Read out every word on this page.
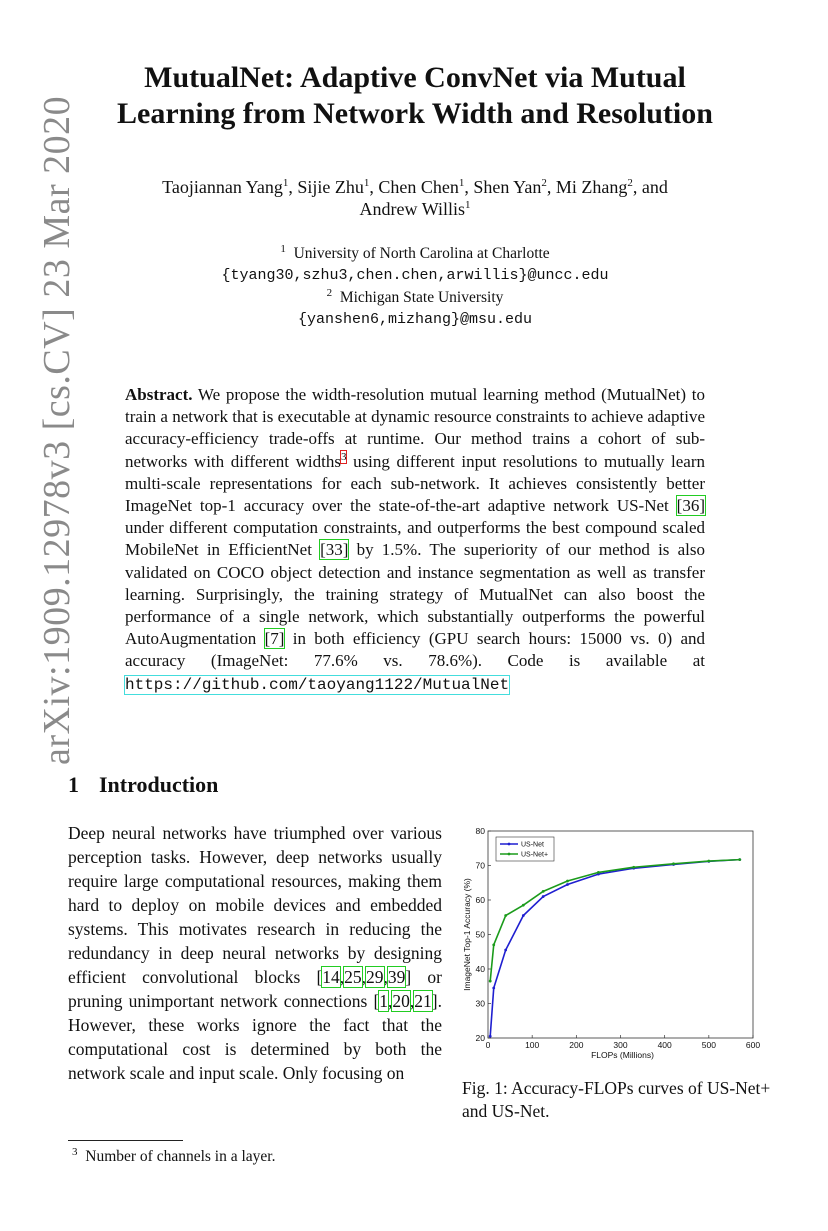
arXiv:1909.12978v3 [cs.CV] 23 Mar 2020
MutualNet: Adaptive ConvNet via Mutual
Learning from Network Width and Resolution
Taojiannan Yang$^1$, Sijie Zhu$^1$, Chen Chen$^1$, Shen Yan$^2$, Mi Zhang$^2$, and
Andrew Willis$^1$
$^1$ University of North Carolina at Charlotte
{tyang30,szhu3,chen.chen,arwillis}@uncc.edu
$^2$ Michigan State University
{yanshen6,mizhang}@msu.edu
Abstract. We propose the width-resolution mutual learning method (MutualNet) to train a network that is executable at dynamic resource constraints to achieve adaptive accuracy-efficiency trade-offs at runtime. Our method trains a cohort of sub-networks with different widths$^3$ using different input resolutions to mutually learn multi-scale representations for each sub-network. It achieves consistently better ImageNet top-1 accuracy over the state-of-the-art adaptive network US-Net [36] under different computation constraints, and outperforms the best compound scaled MobileNet in EfficientNet [33] by 1.5%. The superiority of our method is also validated on COCO object detection and instance segmentation as well as transfer learning. Surprisingly, the training strategy of MutualNet can also boost the performance of a single network, which substantially outperforms the powerful AutoAugmentation [7] in both efficiency (GPU search hours: 15000 vs. 0) and accuracy (ImageNet: 77.6% vs. 78.6%). Code is available at https://github.com/taoyang1122/MutualNet
1 Introduction
Deep neural networks have triumphed over various perception tasks. However, deep networks usually require large computational resources, making them hard to deploy on mobile devices and embedded systems. This motivates research in reducing the redundancy in deep neural networks by designing efficient convolutional blocks [14,25,29,39] or pruning unimportant network connections [1,20,21]. However, these works ignore the fact that the computational cost is determined by both the network scale and input scale. Only focusing on
0	100	200	300	400	500	600
20
30
40
50
60
70
80
FLOPs (Millions)
ImageNet Top-1 Accuracy (%)
US-Net
US-Net+
Fig. 1: Accuracy-FLOPs curves of US-Net+ and US-Net.
$^3$ Number of channels in a layer.
